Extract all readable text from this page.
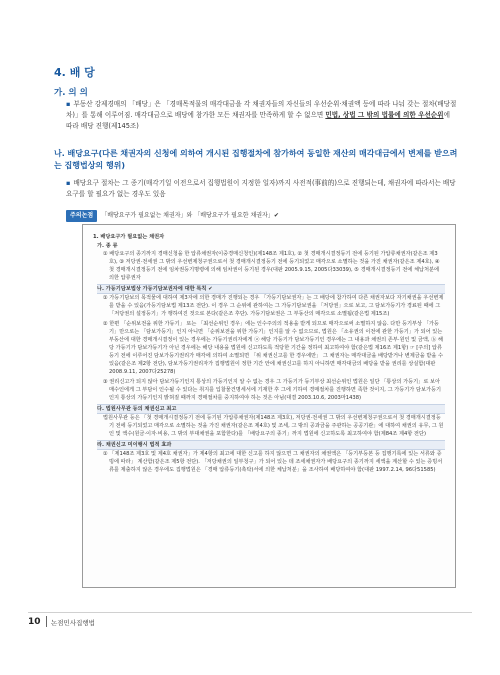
4. 배 당
가. 의 의
▪ 부동산 강제경매의 「배당」은 「경매목적물의 매각대금을 각 채권자들의 자신들의 우선순위·채권액 등에 따라 나눠 갖는 절차(배당절차)」를 통해 이루어짐. 매각대금으로 배당에 참가한 모든 채권자를 만족하게 할 수 없으면 민법, 상법 그 밖의 법률에 의한 우선순위에 따라 배당 진행(제145조)
나. 배당요구(다른 채권자의 신청에 의하여 개시된 집행절차에 참가하여 동일한 재산의 매각대금에서 변제를 받으려는 집행법상의 행위)
▪ 배당요구 절차는 그 종기(매각기일 이전으로서 집행법원이 지정한 일자)까지 사전적(事前的)으로 진행되는데, 채권자에 따라서는 배당요구를 할 필요가 없는 경우도 있음
주의논점 「배당요구가 필요없는 채권자」와 「배당요구가 필요한 채권자」✔
1. 배당요구가 필요없는 채권자
가. 종 류
① 배당요구의 종기까지 경매신청을 한 압류채권자(이중경매신청인)(제148조 제1호), ② 첫 경매개시결정등기 전에 등기된 가압류채권자(같은조 제3호), ③ 저당권·전세권 그 밖의 우선변제청구권으로서 첫 경매개시결정등기 전에 등기되었고 매각으로 소멸하는 것을 가진 채권자(같은조 제4호), ④ 첫 경매개시결정등기 전에 임차권등기명령에 의해 임차권이 등기된 경우(대판 2005.9.15, 2005다33039), ⑤ 경매개시결정등기 전에 체납처분에 의한 압류권자
나. 가등기담보법상 가등기담보권자에 대한 특칙 ✔
① 가등기담보의 목적물에 대하여 제3자에 의한 경매가 진행되는 경우 「가등기담보권자」는 그 배당에 참가하여 다른 채권자보다 자기채권을 우선변제를 받을 수 있음(가등기담보법 제13조 전단). 이 경우 그 순위에 관하여는 그 가등기담보권을 「저당권」으로 보고, 그 담보가등기가 경료된 때에 그 「저당권의 설정등기」가 행하여진 것으로 본다(같은조 후단). 가등기담보권은 그 부동산의 매각으로 소멸됨(같은법 제15조)
② 한편 「순위보전을 위한 가등기」 또는 「최선순위인 경우」에는 인수주의의 적용을 받게 되므로 매각으로써 소멸하지 않음. 다만 등기부상 「가등기」만으로는 「담보가등기」인지 아니면 「순위보전을 위한 가등기」인지를 알 수 없으므로, 법원은 「소유권의 이전에 관한 가등기」가 되어 있는 부동산에 대한 경매개시결정이 있는 경우에는 가등기권리자에게 ⓐ 해당 가등기가 담보가등기인 경우에는 그 내용과 채권의 존부·원인 및 금액, ⓑ 해당 가등기가 담보가등기가 아닌 경우에는 해당 내용을 법원에 신고하도록 적당한 기간을 정하여 최고하여야 함(같은법 제16조 제1항) ☞ [주의] 압류등기 전에 이루어진 담보가등기권리가 매각에 의하여 소멸되면 「위 채권신고를 한 경우에만」 그 채권자는 매각대금을 배당받거나 변제금을 받을 수 있음(같은조 제2항 전단), 담보가등기권리자가 집행법원이 정한 기간 안에 채권신고를 하지 아니하면 매각대금의 배당을 받을 권리를 상실함(대판 2008.9.11, 2007다25278)
③ 권리신고가 되지 않아 담보가등기인지 통상의 가등기인지 알 수 없는 경우 그 가등기가 등기부상 최선순위인 법원은 일단 「통상의 가등기」로 보아 매수인에게 그 부담이 인수될 수 있다는 취지를 입찰물건명세서에 기재한 후 그에 기하여 경매절차를 진행하면 족한 것이지, 그 가등기가 담보가등기인지 통상의 가등기인지 밝혀질 때까지 경매절차를 중지하여야 하는 것은 아님(대결 2003.10.6, 2003마1438)
다. 법원사무관 등의 채권신고 최고
법원사무관 등은 「첫 경매개시결정등기 전에 등기된 가압류채권자(제148조 제3호), 저당권·전세권 그 밖의 우선변제청구권으로서 첫 경매개시결정등기 전에 등기되었고 매각으로 소멸하는 것을 가진 채권자(같은조 제4호) 및 조세, 그 밖의 공과금을 주관하는 공공기관」에 대하여 채권의 유무, 그 원인 및 액수(원금·이자·비용, 그 밖의 부대채권을 포함한다)를 「배당요구의 종기」까지 법원에 신고하도록 최고하여야 함(제84조 제4항 전단)
라. 채권신고 미이행시 법적 효과
① 「제148조 제3호 및 제4호 채권자」가 제4항의 최고에 대한 신고를 하지 않으면 그 채권자의 채권액은 「등기부등본 등 집행기록에 있는 서류와 증빙에 따라」 계산함(같은조 제5항 전단). 「저당채권의 일부청구」가 되어 있는 데 조세채권자가 배당요구의 종기까지 세액을 계산할 수 있는 증빙서류를 제출하지 않은 경우에도 집행법원은 「경매 압류등기(촉탁)서에 의한 체납처분」을 조사하여 배당하여야 함(대판 1997.2.14, 96다51585)
10 논점민사집행법
